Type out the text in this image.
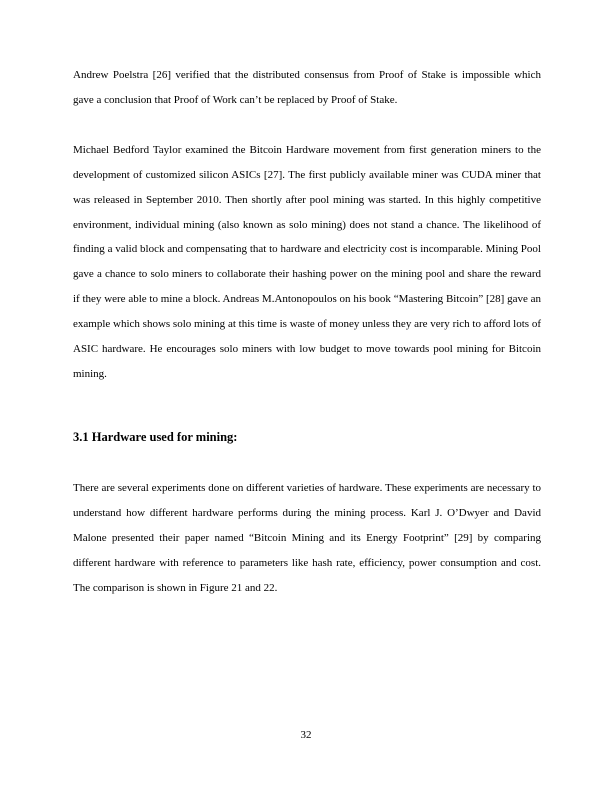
Andrew Poelstra [26] verified that the distributed consensus from Proof of Stake is impossible which gave a conclusion that Proof of Work can’t be replaced by Proof of Stake.

Michael Bedford Taylor examined the Bitcoin Hardware movement from first generation miners to the development of customized silicon ASICs [27]. The first publicly available miner was CUDA miner that was released in September 2010. Then shortly after pool mining was started. In this highly competitive environment, individual mining (also known as solo mining) does not stand a chance. The likelihood of finding a valid block and compensating that to hardware and electricity cost is incomparable. Mining Pool gave a chance to solo miners to collaborate their hashing power on the mining pool and share the reward if they were able to mine a block. Andreas M.Antonopoulos on his book “Mastering Bitcoin” [28] gave an example which shows solo mining at this time is waste of money unless they are very rich to afford lots of ASIC hardware. He encourages solo miners with low budget to move towards pool mining for Bitcoin mining.

3.1 Hardware used for mining:

There are several experiments done on different varieties of hardware. These experiments are necessary to understand how different hardware performs during the mining process. Karl J. O’Dwyer and David Malone presented their paper named “Bitcoin Mining and its Energy Footprint” [29] by comparing different hardware with reference to parameters like hash rate, efficiency, power consumption and cost. The comparison is shown in Figure 21 and 22.

32
